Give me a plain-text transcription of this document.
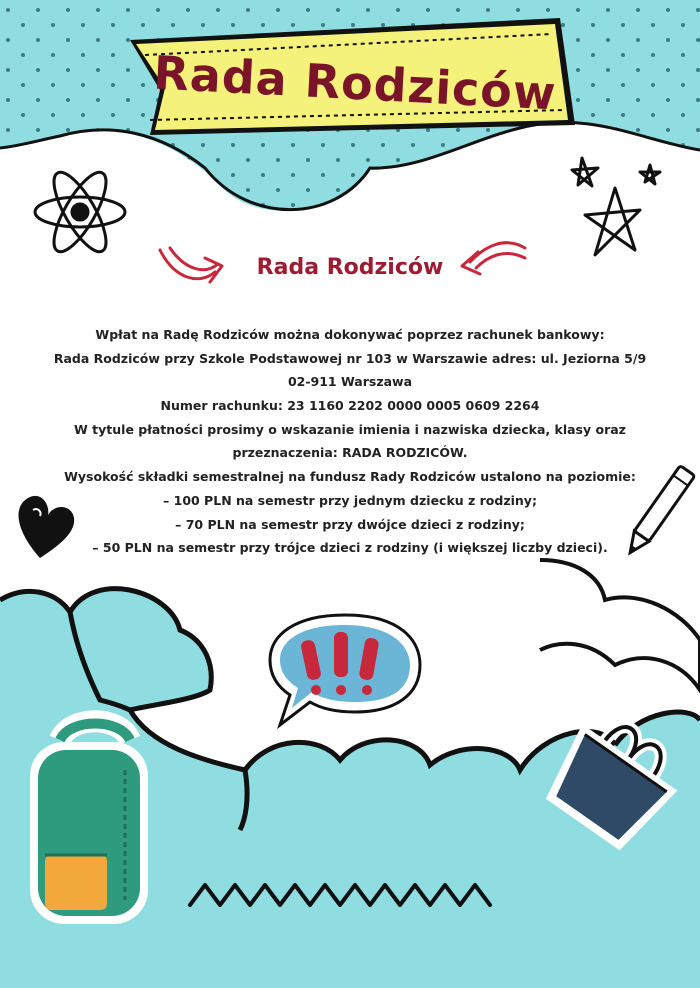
Rada Rodziców
Rada Rodziców
Wpłat na Radę Rodziców można dokonywać poprzez rachunek bankowy:
Rada Rodziców przy Szkole Podstawowej nr 103 w Warszawie adres: ul. Jeziorna 5/9
02-911 Warszawa
Numer rachunku: 23 1160 2202 0000 0005 0609 2264
W tytule płatności prosimy o wskazanie imienia i nazwiska dziecka, klasy oraz
przeznaczenia: RADA RODZICÓW.
Wysokość składki semestralnej na fundusz Rady Rodziców ustalono na poziomie:
– 100 PLN na semestr przy jednym dziecku z rodziny;
– 70 PLN na semestr przy dwójce dzieci z rodziny;
– 50 PLN na semestr przy trójce dzieci z rodziny (i większej liczby dzieci).
